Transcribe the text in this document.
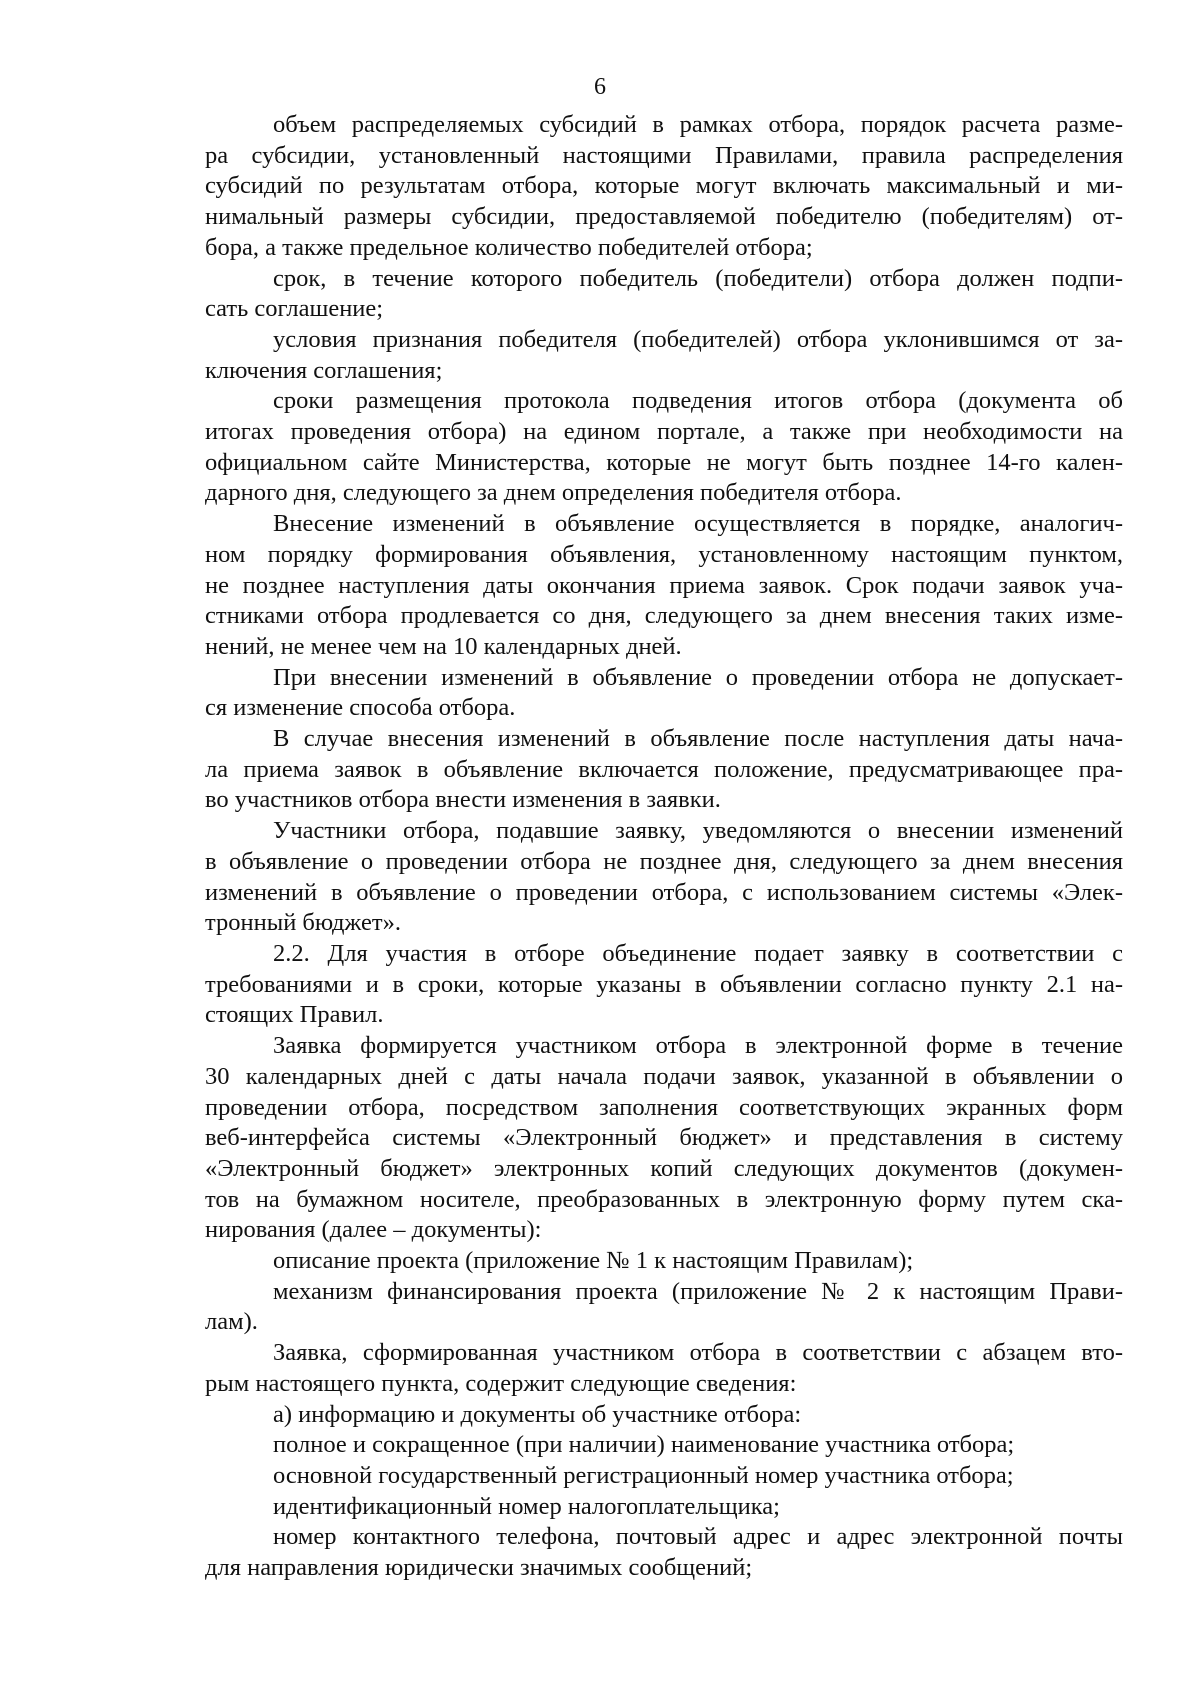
6

объем распределяемых субсидий в рамках отбора, порядок расчета разме-
ра субсидии, установленный настоящими Правилами, правила распределения
субсидий по результатам отбора, которые могут включать максимальный и ми-
нимальный размеры субсидии, предоставляемой победителю (победителям) от-
бора, а также предельное количество победителей отбора;

срок, в течение которого победитель (победители) отбора должен подпи-
сать соглашение;

условия признания победителя (победителей) отбора уклонившимся от за-
ключения соглашения;

сроки размещения протокола подведения итогов отбора (документа об
итогах проведения отбора) на едином портале, а также при необходимости на
официальном сайте Министерства, которые не могут быть позднее 14-го кален-
дарного дня, следующего за днем определения победителя отбора.

Внесение изменений в объявление осуществляется в порядке, аналогич-
ном порядку формирования объявления, установленному настоящим пунктом,
не позднее наступления даты окончания приема заявок. Срок подачи заявок уча-
стниками отбора продлевается со дня, следующего за днем внесения таких изме-
нений, не менее чем на 10 календарных дней.

При внесении изменений в объявление о проведении отбора не допускает-
ся изменение способа отбора.

В случае внесения изменений в объявление после наступления даты нача-
ла приема заявок в объявление включается положение, предусматривающее пра-
во участников отбора внести изменения в заявки.

Участники отбора, подавшие заявку, уведомляются о внесении изменений
в объявление о проведении отбора не позднее дня, следующего за днем внесения
изменений в объявление о проведении отбора, с использованием системы «Элек-
тронный бюджет».

2.2. Для участия в отборе объединение подает заявку в соответствии с
требованиями и в сроки, которые указаны в объявлении согласно пункту 2.1 на-
стоящих Правил.

Заявка формируется участником отбора в электронной форме в течение
30 календарных дней с даты начала подачи заявок, указанной в объявлении о
проведении отбора, посредством заполнения соответствующих экранных форм
веб-интерфейса системы «Электронный бюджет» и представления в систему
«Электронный бюджет» электронных копий следующих документов (докумен-
тов на бумажном носителе, преобразованных в электронную форму путем ска-
нирования (далее – документы):

описание проекта (приложение № 1 к настоящим Правилам);

механизм финансирования проекта (приложение № 2 к настоящим Прави-
лам).

Заявка, сформированная участником отбора в соответствии с абзацем вто-
рым настоящего пункта, содержит следующие сведения:

а) информацию и документы об участнике отбора:

полное и сокращенное (при наличии) наименование участника отбора;

основной государственный регистрационный номер участника отбора;

идентификационный номер налогоплательщика;

номер контактного телефона, почтовый адрес и адрес электронной почты
для направления юридически значимых сообщений;
